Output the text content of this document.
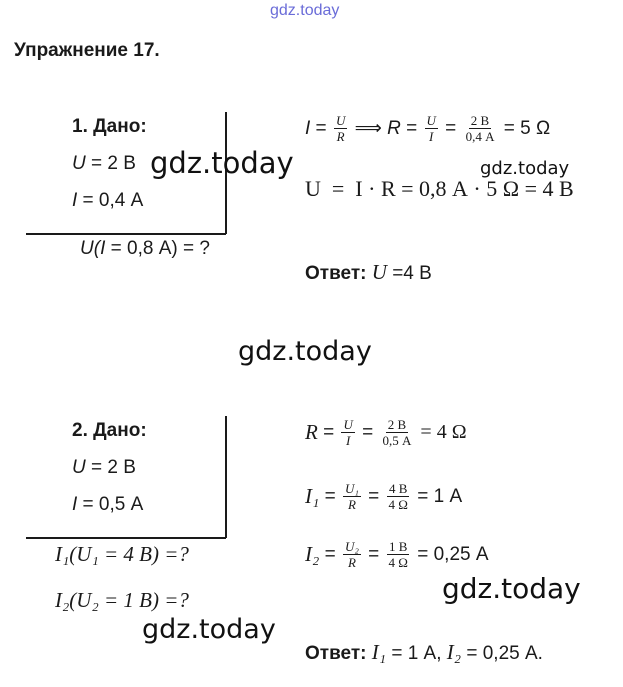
gdz.today
Упражнение 17.
1. Дано:
U = 2 В
I = 0,4 А
U(I = 0,8 А) = ?
$I = \frac{U}{R}$ ⟹ $R = \frac{U}{I} = \frac{2 В}{0,4 А} = 5$ Ω
U  =  I · R = 0,8 А · 5 Ω = 4 В
Ответ: U =4 В
2. Дано:
U = 2 В
I = 0,5 А
I₁(U₁ = 4 В) =?
I₂(U₂ = 1 В) =?
$R = \frac{U}{I} = \frac{2 В}{0,5 А} = 4$ Ω
$I_1 = \frac{\text{U₁}}{R} = \frac{4 В}{4 \Omega} = 1$ А
$I_2 = \frac{\text{U₂}}{R} = \frac{1 В}{4 \Omega} = 0,25$ А
Ответ: I₁ = 1 А, I₂ = 0,25 А.
gdz.today	gdz.today
gdz.today
gdz.today
gdz.today
